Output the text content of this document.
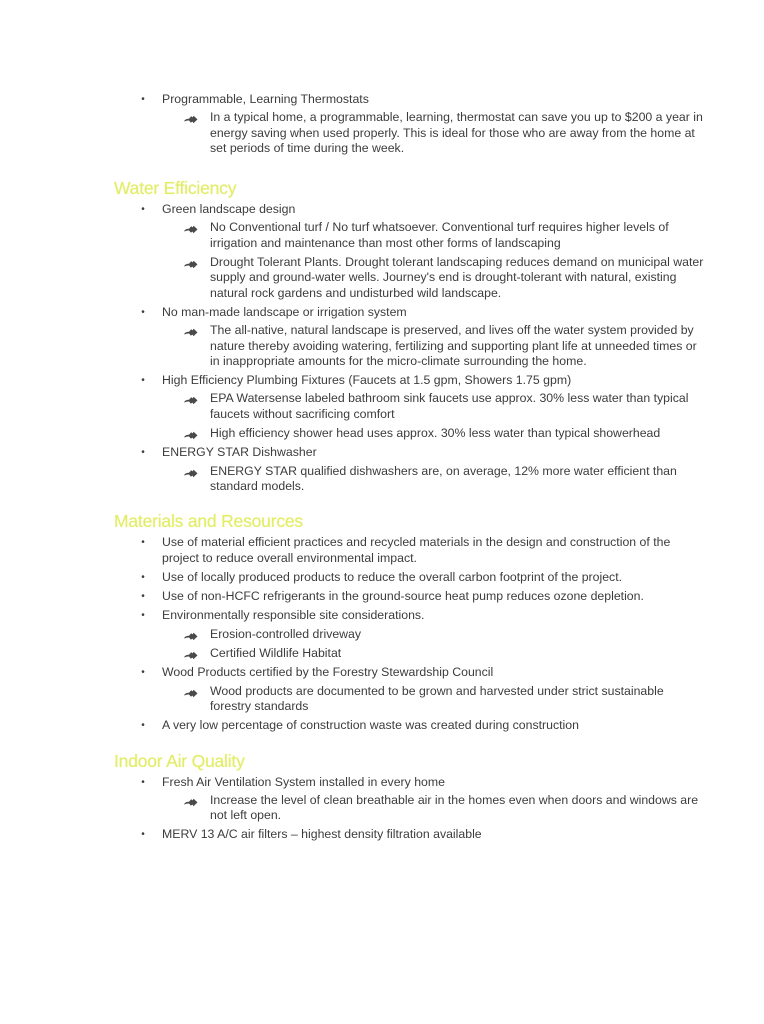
• Programmable, Learning Thermostats
In a typical home, a programmable, learning, thermostat can save you up to $200 a year in energy saving when used properly. This is ideal for those who are away from the home at set periods of time during the week.
Water Efficiency
• Green landscape design
No Conventional turf / No turf whatsoever. Conventional turf requires higher levels of irrigation and maintenance than most other forms of landscaping
Drought Tolerant Plants. Drought tolerant landscaping reduces demand on municipal water supply and ground-water wells. Journey's end is drought-tolerant with natural, existing natural rock gardens and undisturbed wild landscape.
• No man-made landscape or irrigation system
The all-native, natural landscape is preserved, and lives off the water system provided by nature thereby avoiding watering, fertilizing and supporting plant life at unneeded times or in inappropriate amounts for the micro-climate surrounding the home.
• High Efficiency Plumbing Fixtures (Faucets at 1.5 gpm, Showers 1.75 gpm)
EPA Watersense labeled bathroom sink faucets use approx. 30% less water than typical faucets without sacrificing comfort
High efficiency shower head uses approx. 30% less water than typical showerhead
• ENERGY STAR Dishwasher
ENERGY STAR qualified dishwashers are, on average, 12% more water efficient than standard models.
Materials and Resources
• Use of material efficient practices and recycled materials in the design and construction of the project to reduce overall environmental impact.
• Use of locally produced products to reduce the overall carbon footprint of the project.
• Use of non-HCFC refrigerants in the ground-source heat pump reduces ozone depletion.
• Environmentally responsible site considerations.
Erosion-controlled driveway
Certified Wildlife Habitat
• Wood Products certified by the Forestry Stewardship Council
Wood products are documented to be grown and harvested under strict sustainable forestry standards
• A very low percentage of construction waste was created during construction
Indoor Air Quality
• Fresh Air Ventilation System installed in every home
Increase the level of clean breathable air in the homes even when doors and windows are not left open.
• MERV 13 A/C air filters – highest density filtration available
